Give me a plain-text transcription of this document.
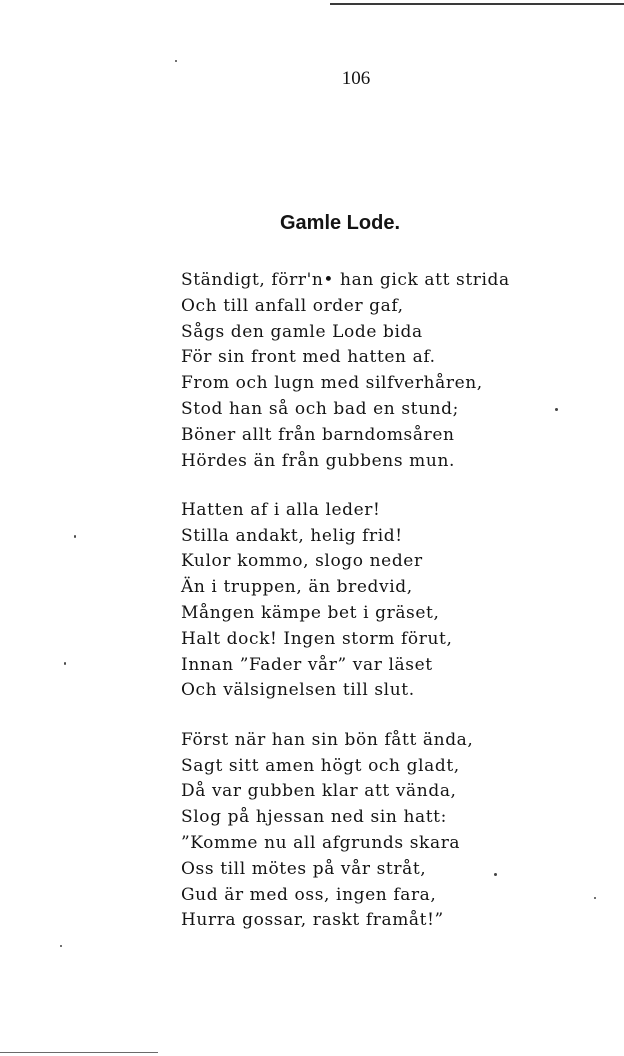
106
Gamle Lode.
Ständigt, förr'n• han gick att strida
Och till anfall order gaf,
Sågs den gamle Lode bida
För sin front med hatten af.
From och lugn med silfverhåren,
Stod han så och bad en stund;
Böner allt från barndomsåren
Hördes än från gubbens mun.
Hatten af i alla leder!
Stilla andakt, helig frid!
Kulor kommo, slogo neder
Än i truppen, än bredvid,
Mången kämpe bet i gräset,
Halt dock! Ingen storm förut,
Innan ”Fader vår” var läset
Och välsignelsen till slut.
Först när han sin bön fått ända,
Sagt sitt amen högt och gladt,
Då var gubben klar att vända,
Slog på hjessan ned sin hatt:
”Komme nu all afgrunds skara
Oss till mötes på vår stråt,
Gud är med oss, ingen fara,
Hurra gossar, raskt framåt!”
